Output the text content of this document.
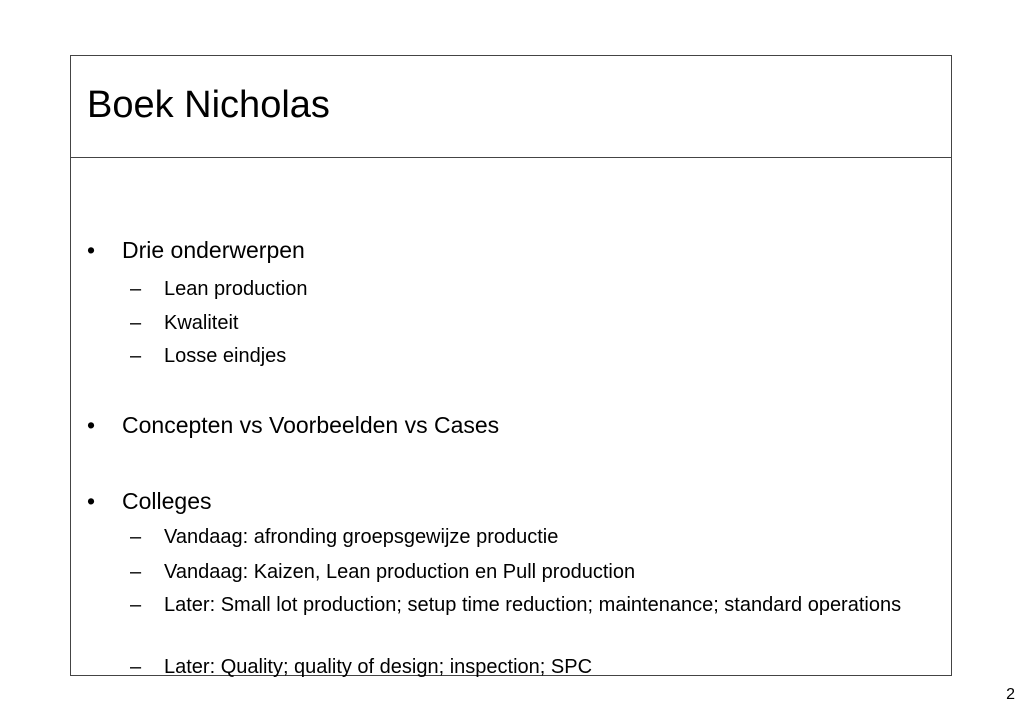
Boek Nicholas
•	Drie onderwerpen
– Lean production
– Kwaliteit
– Losse eindjes
•	Concepten vs Voorbeelden vs Cases
•	Colleges
– Vandaag: afronding groepsgewijze productie
– Vandaag: Kaizen, Lean production en Pull production
– Later: Small lot production; setup time reduction; maintenance; standard operations
– Later: Quality; quality of design; inspection; SPC
2
